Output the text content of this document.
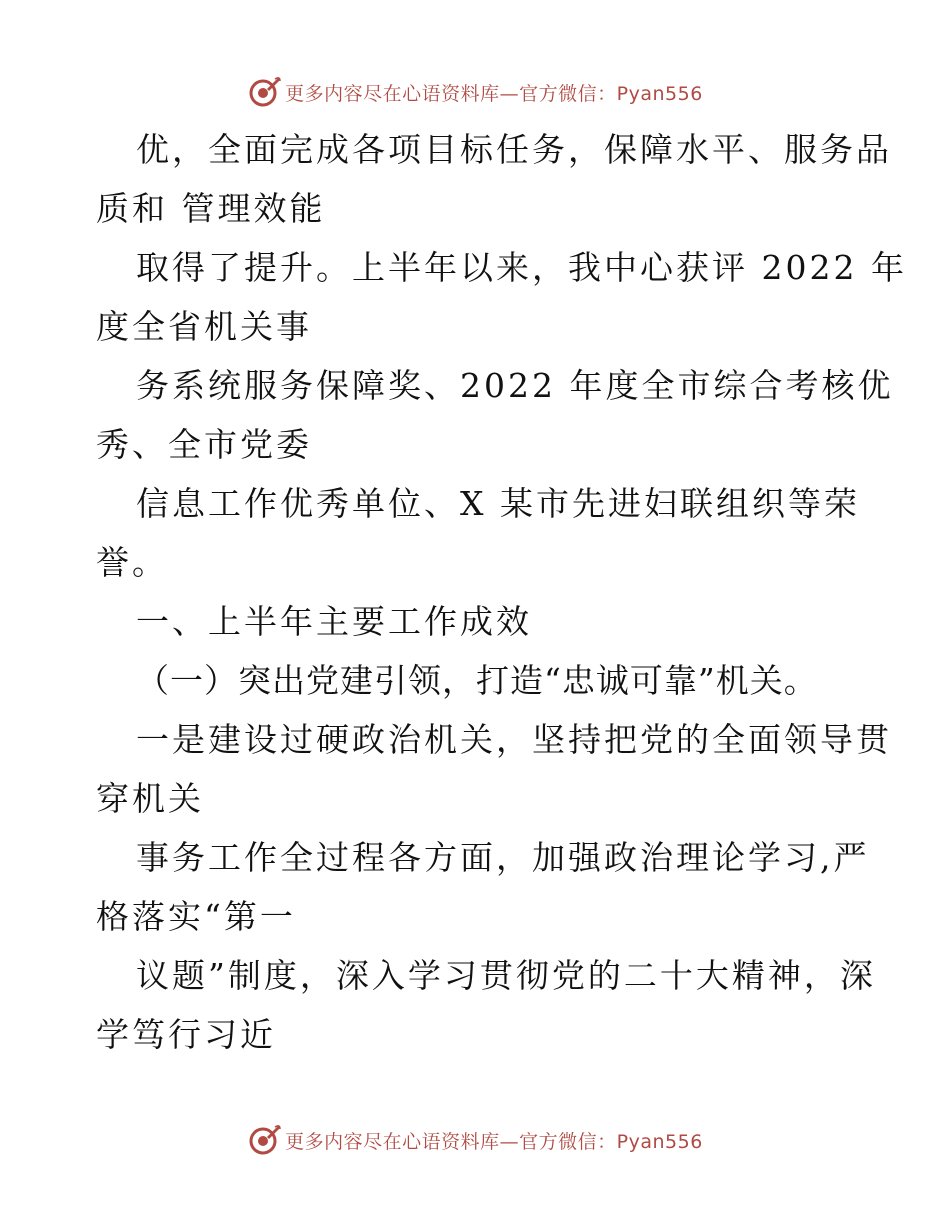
更多内容尽在心语资料库—官方微信：Pyan556
优，全面完成各项目标任务，保障水平、服务品
质和 管理效能
取得了提升。上半年以来，我中心获评 2022 年
度全省机关事
务系统服务保障奖、2022 年度全市综合考核优
秀、全市党委
信息工作优秀单位、X 某市先进妇联组织等荣
誉。
一、上半年主要工作成效
（一）突出党建引领，打造“忠诚可靠”机关。
一是建设过硬政治机关，坚持把党的全面领导贯
穿机关
事务工作全过程各方面，加强政治理论学习,严
格落实“第一
议题”制度，深入学习贯彻党的二十大精神，深
学笃行习近
更多内容尽在心语资料库—官方微信：Pyan556
